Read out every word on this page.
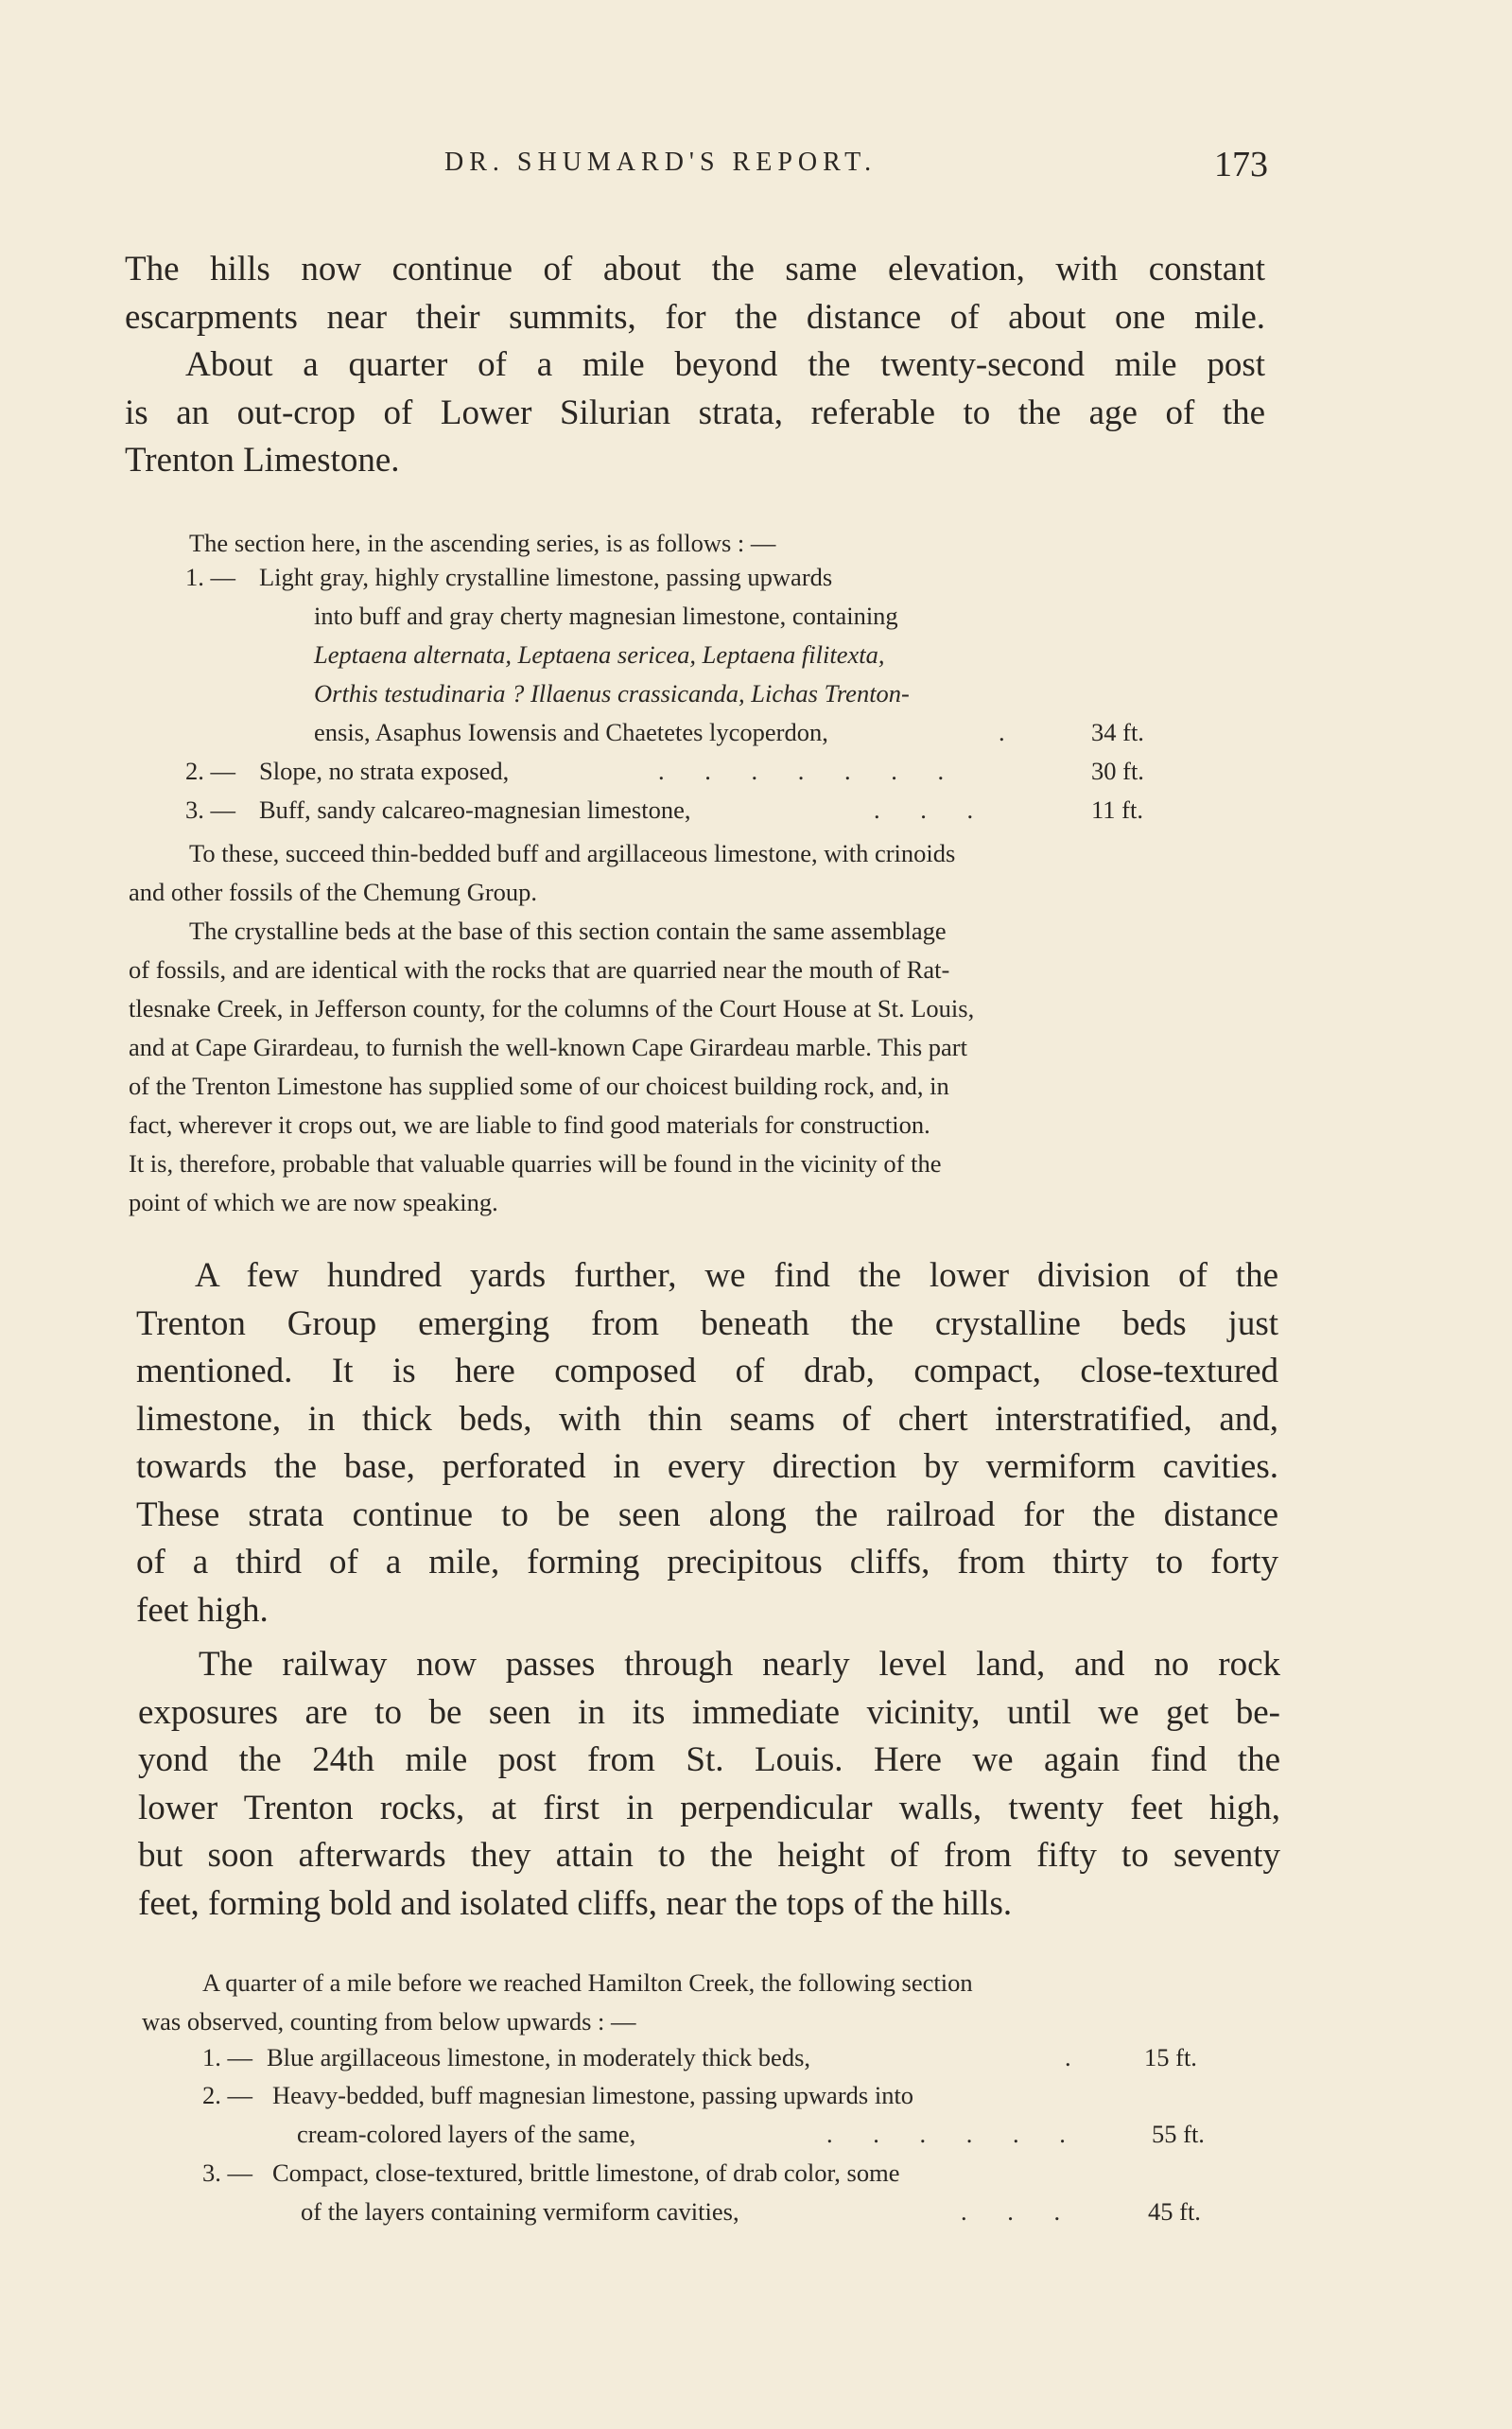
DR. SHUMARD'S REPORT.	173
The hills now continue of about the same elevation, with constant
escarpments near their summits, for the distance of about one mile.
About a quarter of a mile beyond the twenty-second mile post
is an out-crop of Lower Silurian strata, referable to the age of the
Trenton Limestone.
The section here, in the ascending series, is as follows : —
1. — Light gray, highly crystalline limestone, passing upwards
into buff and gray cherty magnesian limestone, containing
Leptaena alternata, Leptaena sericea, Leptaena filitexta,
Orthis testudinaria ? Illaenus crassicanda, Lichas Trenton-
ensis, Asaphus Iowensis and Chaetetes lycoperdon,	.	34 ft.
2. — Slope, no strata exposed,	. . . . . . .	30 ft.
3. — Buff, sandy calcareo-magnesian limestone,	. . .	11 ft.
To these, succeed thin-bedded buff and argillaceous limestone, with crinoids
and other fossils of the Chemung Group.
The crystalline beds at the base of this section contain the same assemblage
of fossils, and are identical with the rocks that are quarried near the mouth of Rat-
tlesnake Creek, in Jefferson county, for the columns of the Court House at St. Louis,
and at Cape Girardeau, to furnish the well-known Cape Girardeau marble. This part
of the Trenton Limestone has supplied some of our choicest building rock, and, in
fact, wherever it crops out, we are liable to find good materials for construction.
It is, therefore, probable that valuable quarries will be found in the vicinity of the
point of which we are now speaking.
A few hundred yards further, we find the lower division of the
Trenton Group emerging from beneath the crystalline beds just
mentioned. It is here composed of drab, compact, close-textured
limestone, in thick beds, with thin seams of chert interstratified, and,
towards the base, perforated in every direction by vermiform cavities.
These strata continue to be seen along the railroad for the distance
of a third of a mile, forming precipitous cliffs, from thirty to forty
feet high.
The railway now passes through nearly level land, and no rock
exposures are to be seen in its immediate vicinity, until we get be-
yond the 24th mile post from St. Louis. Here we again find the
lower Trenton rocks, at first in perpendicular walls, twenty feet high,
but soon afterwards they attain to the height of from fifty to seventy
feet, forming bold and isolated cliffs, near the tops of the hills.
A quarter of a mile before we reached Hamilton Creek, the following section
was observed, counting from below upwards : —
1. — Blue argillaceous limestone, in moderately thick beds,	. 15 ft.
2. — Heavy-bedded, buff magnesian limestone, passing upwards into
cream-colored layers of the same,	. . . . . .	55 ft.
3. — Compact, close-textured, brittle limestone, of drab color, some
of the layers containing vermiform cavities,	. . .	45 ft.
